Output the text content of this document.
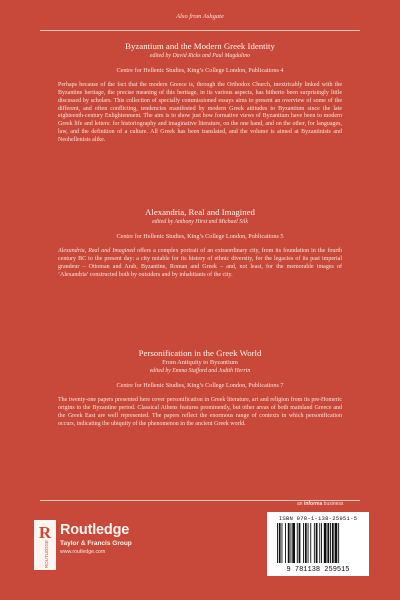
Also from Ashgate
Byzantium and the Modern Greek Identity
edited by David Ricks and Paul Magdalino
Centre for Hellenic Studies, King’s College London, Publications 4
Perhaps because of the fact that the modern Greece is, through the Orthodox Church, inextricably linked with the Byzantine heritage, the precise meaning of this heritage, in its various aspects, has hitherto been surprisingly little discussed by scholars. This collection of specially commissioned essays aims to present an overview of some of the different, and often conflicting, tendencies manifested by modern Greek attitudes to Byzantium since the late eighteenth-century Enlightenment. The aim is to show just how formative views of Byzantium have been to modern Greek life and letters: for historiography and imaginative literature, on the one hand, and on the other, for languages, law, and the definition of a culture. All Greek has been translated, and the volume is aimed at Byzantinists and Neohellenists alike.
Alexandria, Real and Imagined
edited by Anthony Hirst and Michael Silk
Centre for Hellenic Studies, King’s College London, Publications 5
Alexandria, Real and Imagined offers a complex portrait of an extraordinary city, from its foundation in the fourth century BC to the present day: a city notable for its history of ethnic diversity, for the legacies of its past imperial grandeur – Ottoman and Arab, Byzantine, Roman and Greek – and, not least, for the memorable images of ‘Alexandria’ constructed both by outsiders and by inhabitants of the city.
Personification in the Greek World
From Antiquity to Byzantium
edited by Emma Stafford and Judith Herrin
Centre for Hellenic Studies, King’s College London, Publications 7
The twenty-one papers presented here cover personification in Greek literature, art and religion from its pre-Homeric origins to the Byzantine period. Classical Athens features prominently, but other areas of both mainland Greece and the Greek East are well represented. The papers reflect the enormous range of contexts in which personification occurs, indicating the ubiquity of the phenomenon in the ancient Greek world.
an informa business
R
ROUTLEDGE
Routledge
Taylor & Francis Group
www.routledge.com
ISBN 978-1-138-25951-5
9 781138 259515
